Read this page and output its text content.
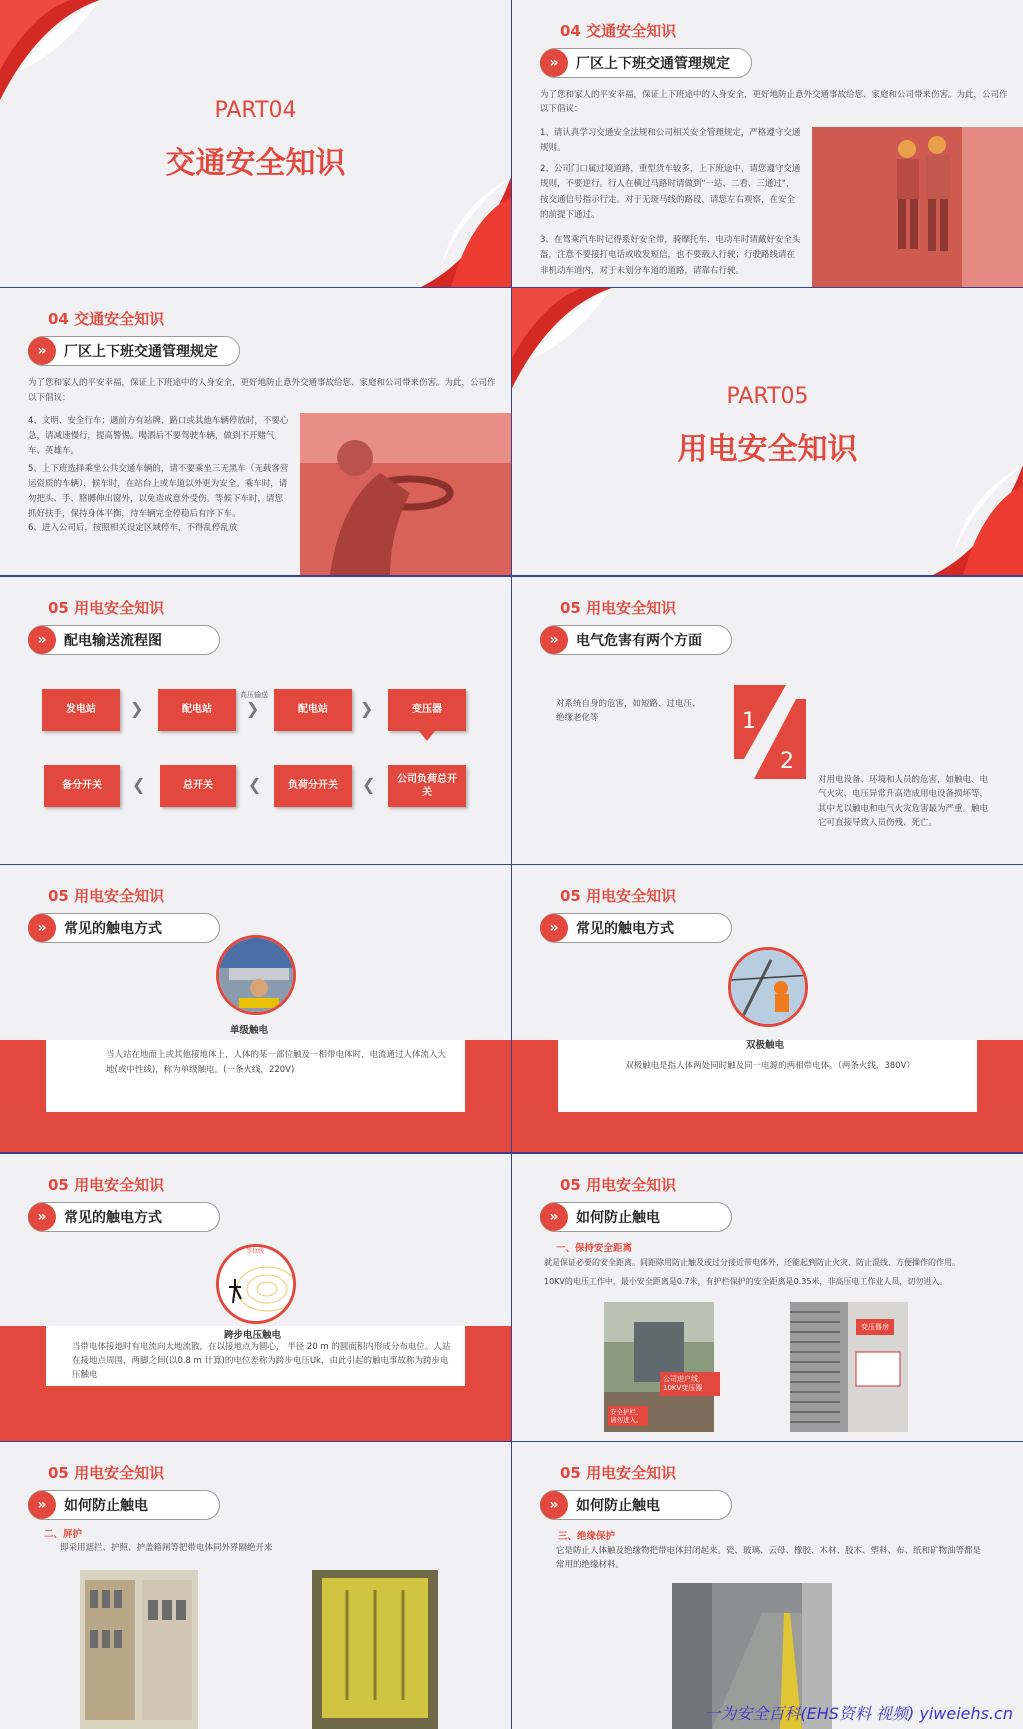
PART04
交通安全知识
04 交通安全知识
»	厂区上下班交通管理规定
为了您和家人的平安幸福，保证上下班途中的人身安全，更好地防止意外交通事故给您、家庭和公司带来伤害。为此，公司作以下倡议：
1、请认真学习交通安全法规和公司相关安全管理规定，严格遵守交通规则。
2、公司门口属过境道路，重型货车较多，上下班途中，请您遵守交通规则，不要逆行。行人在横过马路时请做到"一站、二看、三通过"，按交通信号指示行走。对于无斑马线的路段，请您左右观察，在安全的前提下通过。
3、在驾乘汽车时记得系好安全带，骑摩托车、电动车时请戴好安全头盔，注意不要接打电话或收发短信，也不要载人行驶；行驶路线请在非机动车道内，对于未划分车道的道路，请靠右行驶。
04 交通安全知识
»	厂区上下班交通管理规定
为了您和家人的平安幸福，保证上下班途中的人身安全，更好地防止意外交通事故给您、家庭和公司带来伤害。为此，公司作以下倡议：
4、文明、安全行车；遇前方有站牌、路口或其他车辆停放时，不要心急，请减速慢行，提高警惕。喝酒后不要驾驶车辆，做到不开赌气车、英雄车。
5、上下班选择乘坐公共交通车辆的，请不要乘坐三无黑车（无载客营运资质的车辆），候车时，在站台上或车道以外更为安全。乘车时，请勿把头、手、胳膊伸出窗外，以免造成意外受伤。等候下车时，请您抓好扶手，保持身体平衡，待车辆完全停稳后有序下车。
6、进入公司后，按照相关设定区域停车，不得乱停乱放
PART05
用电安全知识
05 用电安全知识
»	配电输送流程图
发电站	❯	配电站
高压输送
❯	配电站	❯	变压器
备分开关	❮	总开关	❮	负荷分开关	❮	公司负荷总开关
05 用电安全知识
»	电气危害有两个方面
对系统自身的危害，如短路、过电压、绝缘老化等	1
2
对用电设备、环境和人员的危害，如触电、电气火灾、电压异常升高造成用电设备损坏等，其中尤以触电和电气火灾危害最为严重。触电它可直接导致人员伤残、死亡。
05 用电安全知识
»	常见的触电方式
单级触电
当人站在地面上或其他接地体上，人体的某一部位触及一相带电体时，电流通过人体流入大地(或中性线)，称为单级触电。(一条火线，220V)
05 用电安全知识
»	常见的触电方式
双极触电
双极触电是指人体两处同时触及同一电源的两相带电体。（两条火线，380V）
05 用电安全知识
»	常见的触电方式
等位线
跨步电压触电
当带电体接地时有电流向大地流散，在以接地点为圆心， 半径 20 m 的圆面积内形成分布电位。人站在接地点周围，两脚之间(以0.8 m 计算)的电位差称为跨步电压Uk，由此引起的触电事故称为跨步电压触电
05 用电安全知识
»	如何防止触电
一、保持安全距离
就是保证必要的安全距离。间距除用防止触及或过分接近带电体外，还能起到防止火灾、防止混线、方便操作的作用。
10KV的电压工作中，最小安全距离是0.7米，有护栏保护的安全距离是0.35米，非高压电工作业人员，切勿进入。
公司进户线，10KV变压器
安全护栏，请勿进入。
变压器房
05 用电安全知识
»	如何防止触电
二、屏护
即采用遮拦、护照、护盖箱闸等把带电体同外界隔绝开来
05 用电安全知识
»	如何防止触电
三、绝缘保护
它是防止人体触及绝缘物把带电体封闭起来。瓷、玻璃、云母、橡胶、木材、胶木、塑料、布、纸和矿物油等都是常用的绝缘材料。
一为安全百科(EHS资料 视频) yiweiehs.cn
